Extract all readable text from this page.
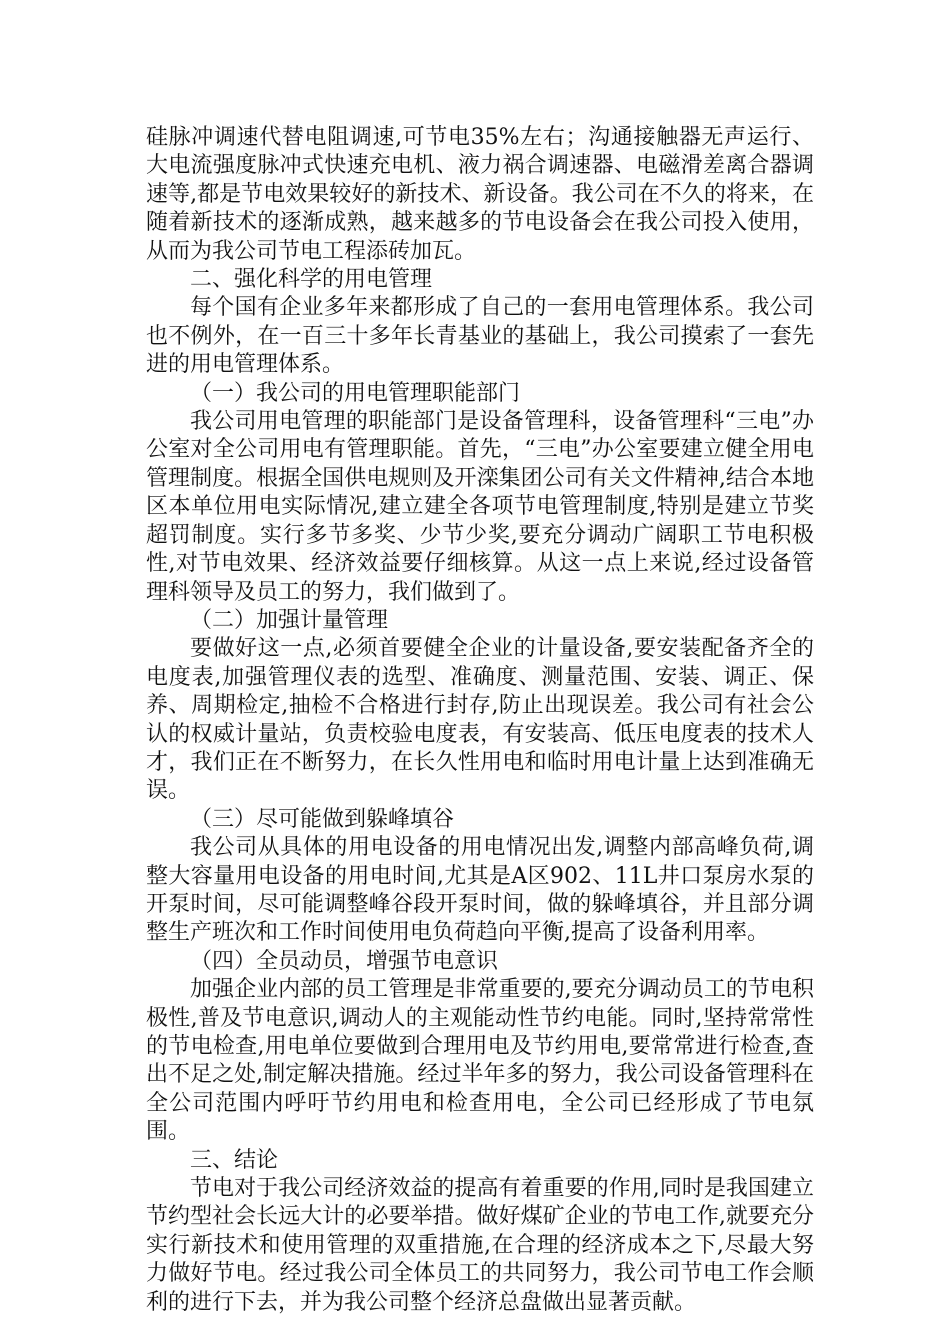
硅脉冲调速代替电阻调速,可节电35%左右；沟通接触器无声运行、大电流强度脉冲式快速充电机、液力祸合调速器、电磁滑差离合器调速等,都是节电效果较好的新技术、新设备。我公司在不久的将来，在随着新技术的逐渐成熟，越来越多的节电设备会在我公司投入使用，从而为我公司节电工程添砖加瓦。

二、强化科学的用电管理

每个国有企业多年来都形成了自己的一套用电管理体系。我公司也不例外，在一百三十多年长青基业的基础上，我公司摸索了一套先进的用电管理体系。

（一）我公司的用电管理职能部门

我公司用电管理的职能部门是设备管理科，设备管理科“三电”办公室对全公司用电有管理职能。首先，“三电”办公室要建立健全用电管理制度。根据全国供电规则及开滦集团公司有关文件精神,结合本地区本单位用电实际情况,建立建全各项节电管理制度,特别是建立节奖超罚制度。实行多节多奖、少节少奖,要充分调动广阔职工节电积极性,对节电效果、经济效益要仔细核算。从这一点上来说,经过设备管理科领导及员工的努力，我们做到了。

（二）加强计量管理

要做好这一点,必须首要健全企业的计量设备,要安装配备齐全的电度表,加强管理仪表的选型、准确度、测量范围、安装、调正、保养、周期检定,抽检不合格进行封存,防止出现误差。我公司有社会公认的权威计量站，负责校验电度表，有安装高、低压电度表的技术人才，我们正在不断努力，在长久性用电和临时用电计量上达到准确无误。

（三）尽可能做到躲峰填谷

我公司从具体的用电设备的用电情况出发,调整内部高峰负荷,调整大容量用电设备的用电时间,尤其是A区902、11L井口泵房水泵的开泵时间，尽可能调整峰谷段开泵时间，做的躲峰填谷，并且部分调整生产班次和工作时间使用电负荷趋向平衡,提高了设备利用率。

（四）全员动员，增强节电意识

加强企业内部的员工管理是非常重要的,要充分调动员工的节电积极性,普及节电意识,调动人的主观能动性节约电能。同时,坚持常常性的节电检查,用电单位要做到合理用电及节约用电,要常常进行检查,查出不足之处,制定解决措施。经过半年多的努力，我公司设备管理科在全公司范围内呼吁节约用电和检查用电，全公司已经形成了节电氛围。

三、结论

节电对于我公司经济效益的提高有着重要的作用,同时是我国建立节约型社会长远大计的必要举措。做好煤矿企业的节电工作,就要充分实行新技术和使用管理的双重措施,在合理的经济成本之下,尽最大努力做好节电。经过我公司全体员工的共同努力，我公司节电工作会顺利的进行下去，并为我公司整个经济总盘做出显著贡献。
